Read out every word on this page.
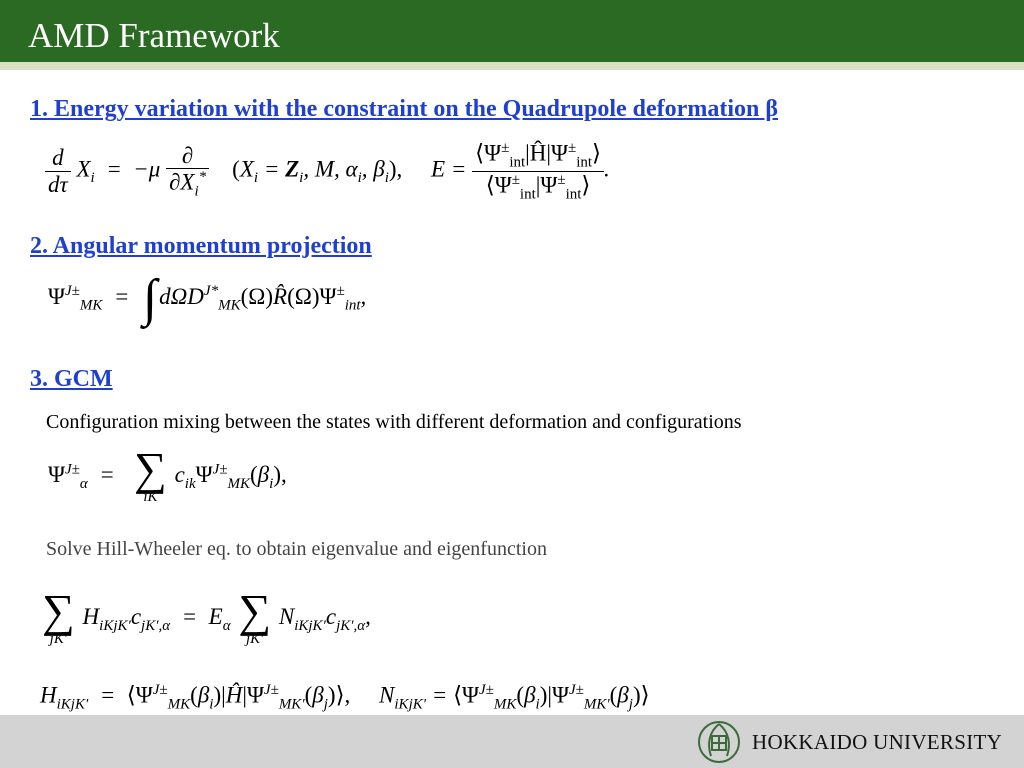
AMD Framework
1. Energy variation with the constraint on the Quadrupole deformation β
$\frac{d}{d\tau} X_i = -\mu \frac{\partial}{\partial X_i^*} (X_i = Z_i$, M, $\alpha_i$, $\beta_i$),     $E = \frac{⟨\Psi^\pm_{int}|Ĥ|\Psi^\pm_{int}⟩}{⟨\Psi^\pm_{int}|\Psi^\pm_{int}⟩}$ .
2. Angular momentum projection
$\Psi^{J\pm}_{MK}$  =  $\int d\Omega D^{J*}_{MK}(\Omega)R̂(\Omega)\Psi^\pm_{int}$,
3. GCM
Configuration mixing between the states with different deformation and configurations
$\Psi^{J\pm}_\alpha$  = ∑
iK
$c_{ik}\Psi^{J\pm}_{MK}(\beta_i)$,
Solve Hill-Wheeler eq. to obtain eigenvalue and eigenfunction
∑
jK′
$H_{iKjK'}c_{jK',\alpha} = E_\alpha$ ∑
jK′
$N_{iKjK'}c_{jK',\alpha}$,
$H_{iKjK'}$  =  $⟨\Psi^{J\pm}_{MK}(\beta_i)|Ĥ|\Psi^{J\pm}_{MK'}(\beta_j)⟩$,     $N_{iKjK'}$ = $⟨\Psi^{J\pm}_{MK}(\beta_i)|\Psi^{J\pm}_{MK'}(\beta_j)⟩$
HOKKAIDO UNIVERSITY
